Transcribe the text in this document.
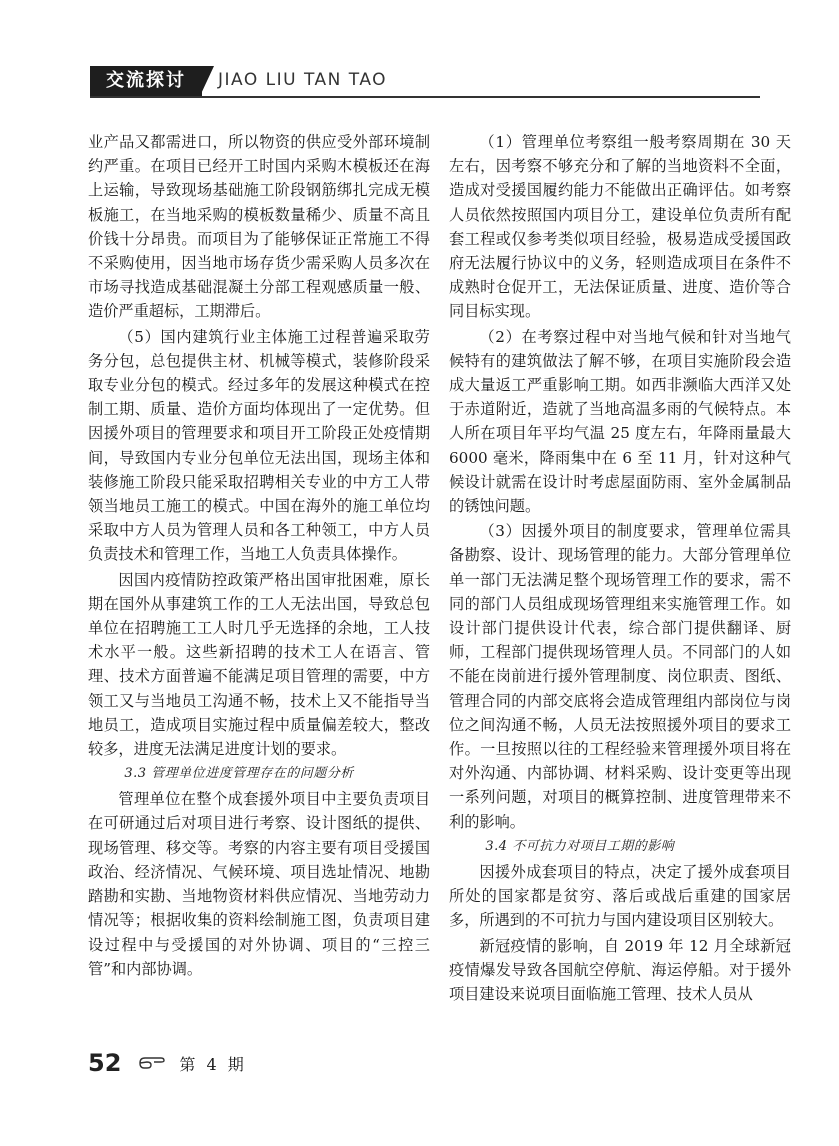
交流探讨	JIAO LIU TAN TAO

业产品又都需进口，所以物资的供应受外部环境制约严重。在项目已经开工时国内采购木模板还在海上运输，导致现场基础施工阶段钢筋绑扎完成无模板施工，在当地采购的模板数量稀少、质量不高且价钱十分昂贵。而项目为了能够保证正常施工不得不采购使用，因当地市场存货少需采购人员多次在市场寻找造成基础混凝土分部工程观感质量一般、造价严重超标，工期滞后。

（5）国内建筑行业主体施工过程普遍采取劳务分包，总包提供主材、机械等模式，装修阶段采取专业分包的模式。经过多年的发展这种模式在控制工期、质量、造价方面均体现出了一定优势。但因援外项目的管理要求和项目开工阶段正处疫情期间，导致国内专业分包单位无法出国，现场主体和装修施工阶段只能采取招聘相关专业的中方工人带领当地员工施工的模式。中国在海外的施工单位均采取中方人员为管理人员和各工种领工，中方人员负责技术和管理工作，当地工人负责具体操作。

因国内疫情防控政策严格出国审批困难，原长期在国外从事建筑工作的工人无法出国，导致总包单位在招聘施工工人时几乎无选择的余地，工人技术水平一般。这些新招聘的技术工人在语言、管理、技术方面普遍不能满足项目管理的需要，中方领工又与当地员工沟通不畅，技术上又不能指导当地员工，造成项目实施过程中质量偏差较大，整改较多，进度无法满足进度计划的要求。

3.3 管理单位进度管理存在的问题分析

管理单位在整个成套援外项目中主要负责项目在可研通过后对项目进行考察、设计图纸的提供、现场管理、移交等。考察的内容主要有项目受援国政治、经济情况、气候环境、项目选址情况、地勘踏勘和实勘、当地物资材料供应情况、当地劳动力情况等；根据收集的资料绘制施工图，负责项目建设过程中与受援国的对外协调、项目的“三控三管”和内部协调。

（1）管理单位考察组一般考察周期在 30 天左右，因考察不够充分和了解的当地资料不全面，造成对受援国履约能力不能做出正确评估。如考察人员依然按照国内项目分工，建设单位负责所有配套工程或仅参考类似项目经验，极易造成受援国政府无法履行协议中的义务，轻则造成项目在条件不成熟时仓促开工，无法保证质量、进度、造价等合同目标实现。

（2）在考察过程中对当地气候和针对当地气候特有的建筑做法了解不够，在项目实施阶段会造成大量返工严重影响工期。如西非濒临大西洋又处于赤道附近，造就了当地高温多雨的气候特点。本人所在项目年平均气温 25 度左右，年降雨量最大 6000 毫米，降雨集中在 6 至 11 月，针对这种气候设计就需在设计时考虑屋面防雨、室外金属制品的锈蚀问题。

（3）因援外项目的制度要求，管理单位需具备勘察、设计、现场管理的能力。大部分管理单位单一部门无法满足整个现场管理工作的要求，需不同的部门人员组成现场管理组来实施管理工作。如设计部门提供设计代表，综合部门提供翻译、厨师，工程部门提供现场管理人员。不同部门的人如不能在岗前进行援外管理制度、岗位职责、图纸、管理合同的内部交底将会造成管理组内部岗位与岗位之间沟通不畅，人员无法按照援外项目的要求工作。一旦按照以往的工程经验来管理援外项目将在对外沟通、内部协调、材料采购、设计变更等出现一系列问题，对项目的概算控制、进度管理带来不利的影响。

3.4 不可抗力对项目工期的影响

因援外成套项目的特点，决定了援外成套项目所处的国家都是贫穷、落后或战后重建的国家居多，所遇到的不可抗力与国内建设项目区别较大。

新冠疫情的影响，自 2019 年 12 月全球新冠疫情爆发导致各国航空停航、海运停船。对于援外项目建设来说项目面临施工管理、技术人员从

52	第 4 期
